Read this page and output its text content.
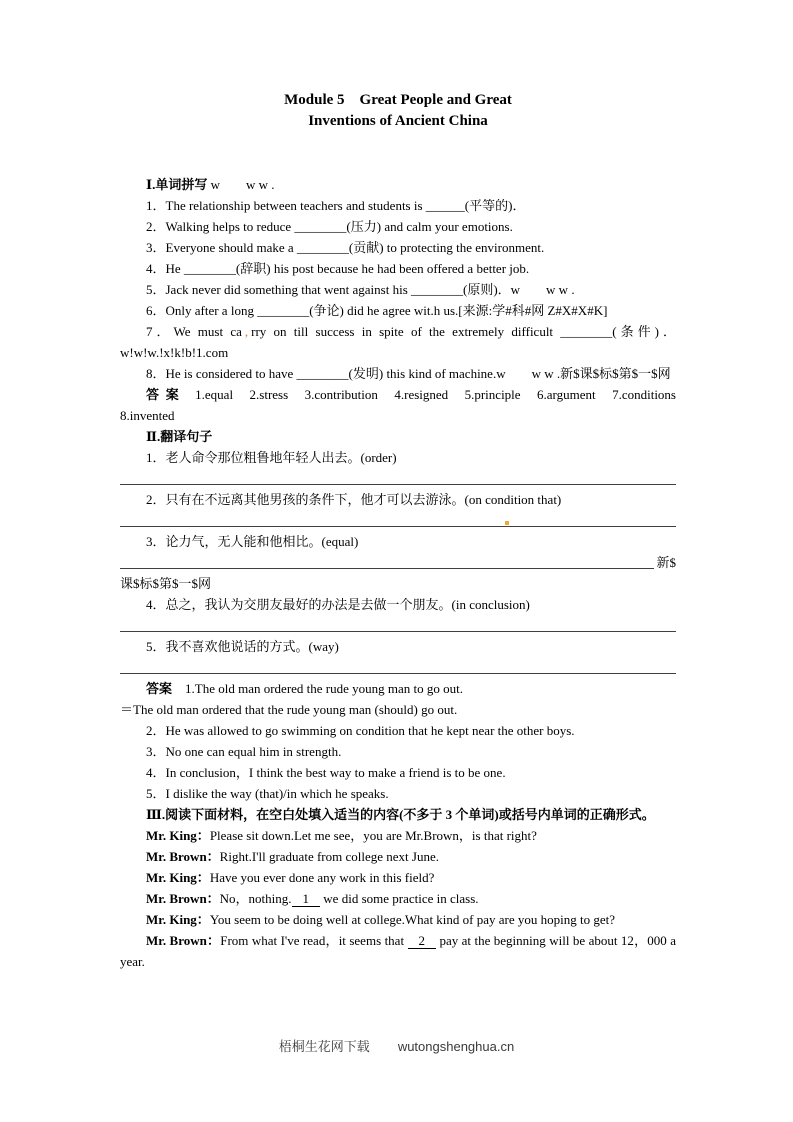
Module 5　Great People and Great
Inventions of Ancient China

Ⅰ.单词拼写 w　　w w .

1．The relationship between teachers and students is ______(平等的)．

2．Walking helps to reduce ________(压力) and calm your emotions.

3．Everyone should make a ________(贡献) to protecting the environment.

4．He ________(辞职) his post because he had been offered a better job.

5．Jack never did something that went against his ________(原则)．w　　w w .

6．Only after a long ________(争论) did he agree wit.h us.[来源:学#科#网 Z#X#X#K]

7．We must ca , rry on till success in spite of the extremely difficult ________(条件)．w!w!w.!x!k!b!1.com

8．He is considered to have ________(发明) this kind of machine.w　　w w .新$课$标$第$一$网

答 案　1.equal　2.stress　3.contribution　4.resigned　5.principle　6.argument　7.conditions　8.invented

Ⅱ.翻译句子

1．老人命令那位粗鲁地年轻人出去。(order)

2．只有在不远离其他男孩的条件下，他才可以去游泳。(on condition that)

3．论力气，无人能和他相比。(equal)

新$

课$标$第$一$网

4．总之，我认为交朋友最好的办法是去做一个朋友。(in conclusion)

5．我不喜欢他说话的方式。(way)

答案　1.The old man ordered the rude young man to go out.

＝The old man ordered that the rude young man (should) go out.

2．He was allowed to go swimming on condition that he kept near the other boys.

3．No one can equal him in strength.

4．In conclusion，I think the best way to make a friend is to be one.

5．I dislike the way (that)/in which he speaks.

Ⅲ.阅读下面材料，在空白处填入适当的内容(不多于 3 个单词)或括号内单词的正确形式。

Mr. King：Please sit down.Let me see，you are Mr.Brown，is that right?

Mr. Brown：Right.I'll graduate from college next June.

Mr. King：Have you ever done any work in this field?

Mr. Brown：No，nothing. 1 we did some practice in class.

Mr. King：You seem to be doing well at college.What kind of pay are you hoping to get?

Mr. Brown：From what I've read，it seems that 2 pay at the beginning will be about 12，000 a year.

梧桐生花网下载 wutongshenghua.cn
